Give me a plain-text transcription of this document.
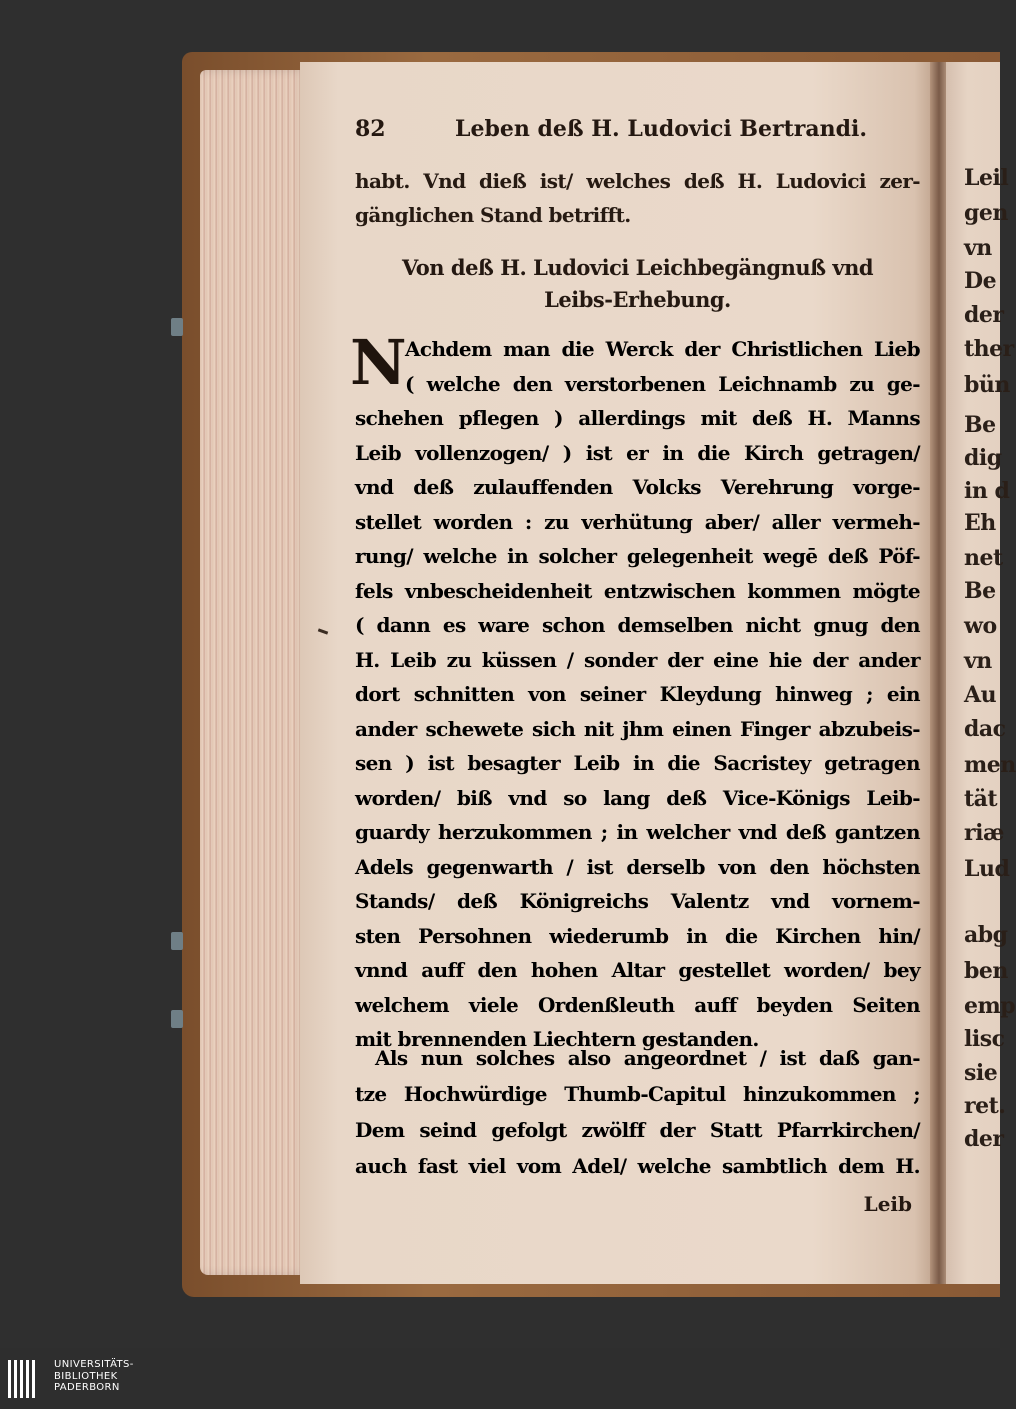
Leil
gen
vn
De
der
ther
bün
Be
dig
in d
Eh
net
Be
wo
vn
Au
dac
men
tät
riæ
Lud
abg
ben
emp
lisc
sie
ret.
der
82	Leben deß H. Ludovici Bertrandi.
habt. Vnd dieß ist/ welches deß H. Ludovici zer-
gänglichen Stand betrifft.
Von deß H. Ludovici Leichbegängnuß vnd
Leibs-Erhebung.
N
Achdem man die Werck der Christlichen Lieb
( welche den verstorbenen Leichnamb zu ge-
schehen pflegen ) allerdings mit deß H. Manns
Leib vollenzogen/ ) ist er in die Kirch getragen/
vnd deß zulauffenden Volcks Verehrung vorge-
stellet worden : zu verhütung aber/ aller vermeh-
rung/ welche in solcher gelegenheit wegē deß Pöf-
fels vnbescheidenheit entzwischen kommen mögte
( dann es ware schon demselben nicht gnug den
H. Leib zu küssen / sonder der eine hie der ander
dort schnitten von seiner Kleydung hinweg ; ein
ander schewete sich nit jhm einen Finger abzubeis-
sen ) ist besagter Leib in die Sacristey getragen
worden/ biß vnd so lang deß Vice-Königs Leib-
guardy herzukommen ; in welcher vnd deß gantzen
Adels gegenwarth / ist derselb von den höchsten
Stands/ deß Königreichs Valentz vnd vornem-
sten Persohnen wiederumb in die Kirchen hin/
vnnd auff den hohen Altar gestellet worden/ bey
welchem viele Ordenßleuth auff beyden Seiten
mit brennenden Liechtern gestanden.
Als nun solches also angeordnet / ist daß gan-
tze Hochwürdige Thumb-Capitul hinzukommen ;
Dem seind gefolgt zwölff der Statt Pfarrkirchen/
auch fast viel vom Adel/ welche sambtlich dem H.
Leib
UNIVERSITÄTS-
BIBLIOTHEK
PADERBORN
